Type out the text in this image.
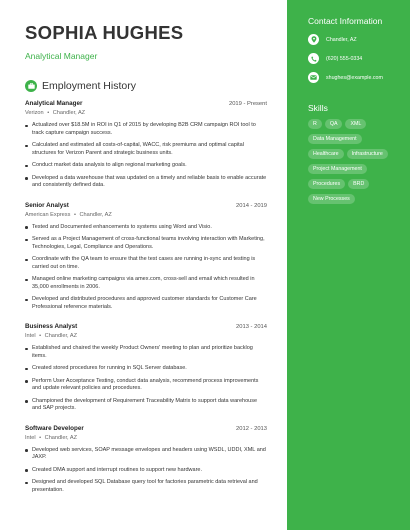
SOPHIA HUGHES
Analytical Manager
Employment History
Analytical Manager	2019 - Present
Verizon • Chandler, AZ
Actualized over $18.5M in ROI in Q1 of 2015 by developing B2B CRM campaign ROI tool to track capture campaign success.
Calculated and estimated all costs-of-capital, WACC, risk premiums and optimal capital structures for Verizon Parent and strategic business units.
Conduct market data analysis to align regional marketing goals.
Developed a data warehouse that was updated on a timely and reliable basis to enable accurate and consistently defined data.
Senior Analyst	2014 - 2019
American Express • Chandler, AZ
Tested and Documented enhancements to systems using Word and Visio.
Served as a Project Management of cross-functional teams involving interaction with Marketing, Technologies, Legal, Compliance and Operations.
Coordinate with the QA team to ensure that the test cases are running in-sync and testing is carried out on time.
Managed online marketing campaigns via amex.com, cross-sell and email which resulted in 35,000 enrollments in 2006.
Developed and distributed procedures and approved customer standards for Customer Care Professional reference materials.
Business Analyst	2013 - 2014
Intel • Chandler, AZ
Established and chaired the weekly Product Owners' meeting to plan and prioritize backlog items.
Created stored procedures for running in SQL Server database.
Perform User Acceptance Testing, conduct data analysis, recommend process improvements and update relevant policies and procedures.
Championed the development of Requirement Traceability Matrix to support data warehouse and SAP projects.
Software Developer	2012 - 2013
Intel • Chandler, AZ
Developed web services, SOAP message envelopes and headers using WSDL, UDDI, XML and JAXP.
Created DMA support and interrupt routines to support new hardware.
Designed and developed SQL Database query tool for factories parametric data retrieval and presentation.
Contact Information
Chandler, AZ
(620) 555-0334
shughes@example.com
Skills
R	QA	XML
Data Management
Healthcare	Infrastructure
Project Management
Procedures	BRD
New Processes
